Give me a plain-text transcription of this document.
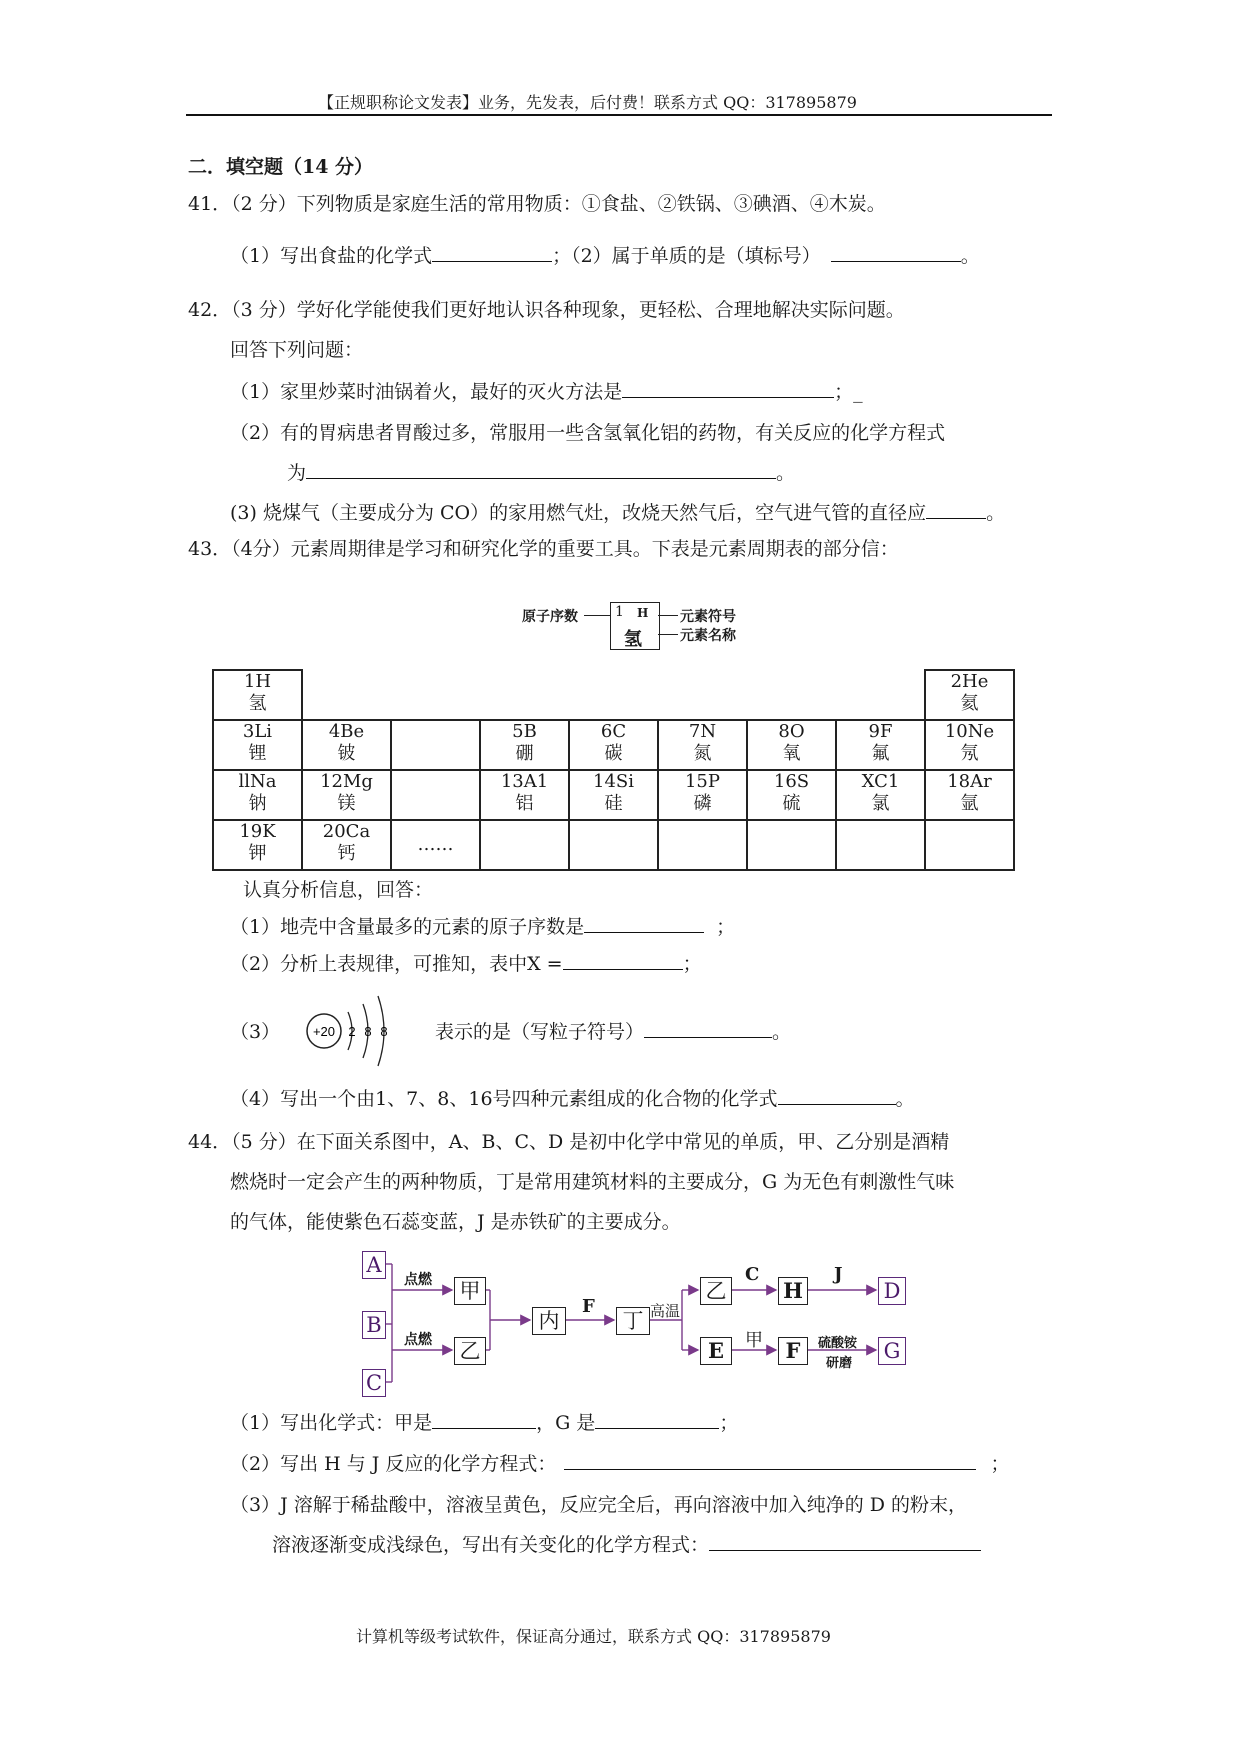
【正规职称论文发表】业务，先发表，后付费！联系方式 QQ：317895879
二．填空题（14 分）
41．（2 分）下列物质是家庭生活的常用物质：①食盐、②铁锅、③碘酒、④木炭。
（1）写出食盐的化学式	；（2）属于单质的是（填标号）	。
42．（3 分）学好化学能使我们更好地认识各种现象，更轻松、合理地解决实际问题。
回答下列问题：
（1）家里炒菜时油锅着火，最好的灭火方法是	；_
（2）有的胃病患者胃酸过多，常服用一些含氢氧化铝的药物，有关反应的化学方程式
为	。
(3) 烧煤气（主要成分为 CO）的家用燃气灶，改烧天然气后，空气进气管的直径应	。
43．（4分）元素周期律是学习和研究化学的重要工具。下表是元素周期表的部分信：
原子序数	1 H
氢
元素符号
元素名称
1H
氢								2He
氦

3Li
锂	4Be
铍		5B
硼	6C
碳	7N
氮	8O
氧	9F
氟	10Ne
氖

llNa
钠	12Mg
镁		13A1
铝	14Si
硅	15P
磷	16S
硫	XC1
氯	18Ar
氩

19K
钾	20Ca
钙	……						
认真分析信息，回答：
（1）地壳中含量最多的元素的原子序数是	；
（2）分析上表规律，可推知，表中X =	；
（3）	+20 2 8 8 表示的是（写粒子符号）	。
（4）写出一个由1、7、8、16号四种元素组成的化合物的化学式	。
44．（5 分）在下面关系图中，A、B、C、D 是初中化学中常见的单质，甲、乙分别是酒精
燃烧时一定会产生的两种物质，丁是常用建筑材料的主要成分，G 为无色有刺激性气味
的气体，能使紫色石蕊变蓝，J 是赤铁矿的主要成分。
A
B
C
点燃
点燃
甲
乙
内
F
丁 高温
乙
C
H
J
D
E	甲	F	硫酸铵
研磨
G
（1）写出化学式：甲是	，G 是	；
（2）写出 H 与 J 反应的化学方程式：	；
（3）J 溶解于稀盐酸中，溶液呈黄色，反应完全后，再向溶液中加入纯净的 D 的粉末，
溶液逐渐变成浅绿色，写出有关变化的化学方程式：
计算机等级考试软件，保证高分通过，联系方式 QQ：317895879
